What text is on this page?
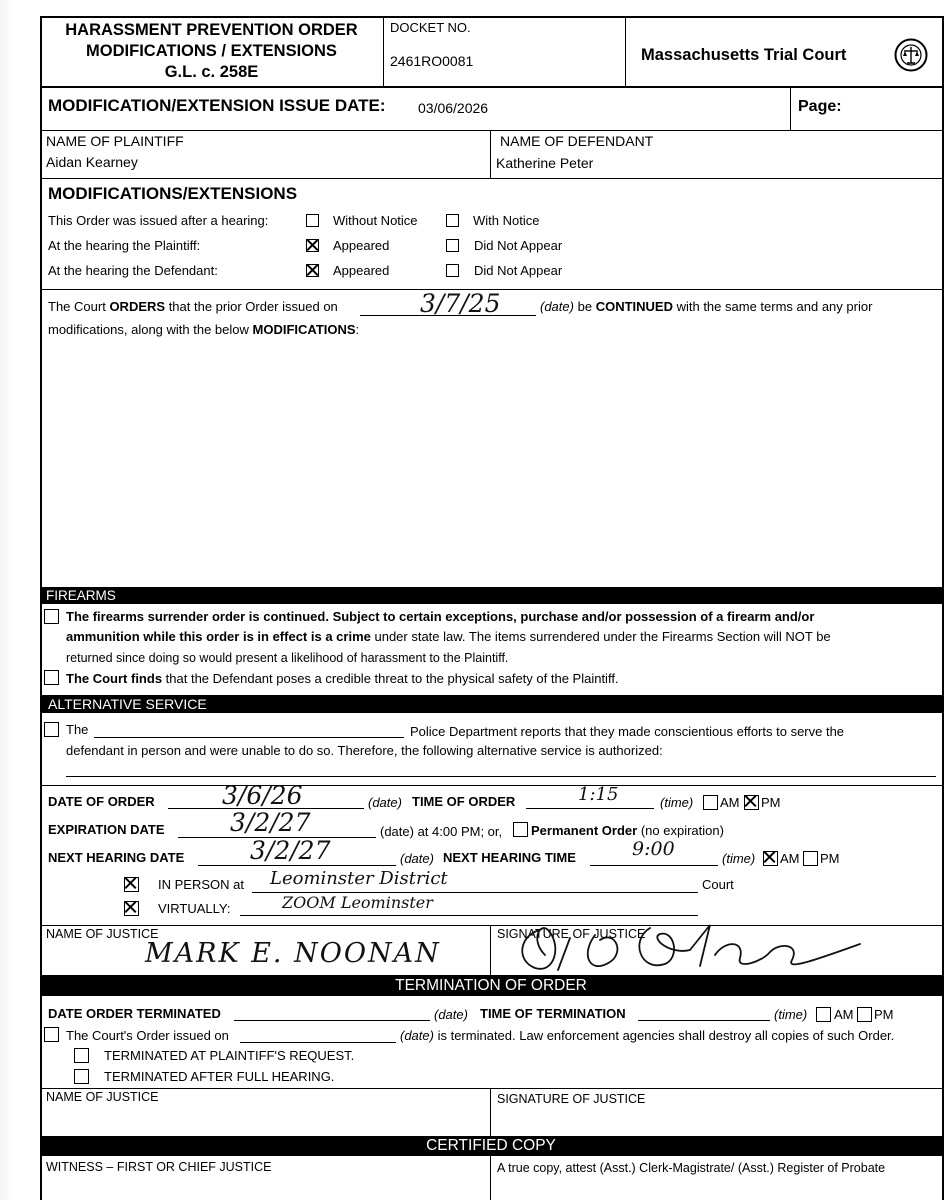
HARASSMENT PREVENTION ORDER
MODIFICATIONS / EXTENSIONS
G.L. c. 258E
DOCKET NO.
2461RO0081	Massachusetts Trial Court
MODIFICATION/EXTENSION ISSUE DATE: 03/06/2026	Page:
NAME OF PLAINTIFF
Aidan Kearney
NAME OF DEFENDANT
Katherine Peter
MODIFICATIONS/EXTENSIONS
This Order was issued after a hearing:	Without Notice	With Notice
At the hearing the Plaintiff:	Appeared	Did Not Appear
At the hearing the Defendant:	Appeared	Did Not Appear
The Court ORDERS that the prior Order issued on	3/7/25	(date) be CONTINUED with the same terms and any prior
modifications, along with the below MODIFICATIONS:
FIREARMS
The firearms surrender order is continued. Subject to certain exceptions, purchase and/or possession of a firearm and/or
ammunition while this order is in effect is a crime under state law. The items surrendered under the Firearms Section will NOT be
returned since doing so would present a likelihood of harassment to the Plaintiff.
The Court finds that the Defendant poses a credible threat to the physical safety of the Plaintiff.
ALTERNATIVE SERVICE
The	Police Department reports that they made conscientious efforts to serve the
defendant in person and were unable to do so. Therefore, the following alternative service is authorized:
DATE OF ORDER	3/6/26	(date) TIME OF ORDER	1:15	(time) AM PM
EXPIRATION DATE	3/2/27	(date) at 4:00 PM; or, Permanent Order (no expiration)
NEXT HEARING DATE	3/2/27	(date) NEXT HEARING TIME	9:00	(time) AM PM
IN PERSON at Leominster District	Court
VIRTUALLY:	ZOOM Leominster
NAME OF JUSTICE
MARK E. NOONAN
SIGNATURE OF JUSTICE
TERMINATION OF ORDER
DATE ORDER TERMINATED	(date) TIME OF TERMINATION	(time) AM PM
The Court's Order issued on	(date) is terminated. Law enforcement agencies shall destroy all copies of such Order.
TERMINATED AT PLAINTIFF'S REQUEST.
TERMINATED AFTER FULL HEARING.
NAME OF JUSTICE	SIGNATURE OF JUSTICE
CERTIFIED COPY
WITNESS – FIRST OR CHIEF JUSTICE	A true copy, attest (Asst.) Clerk-Magistrate/ (Asst.) Register of Probate
